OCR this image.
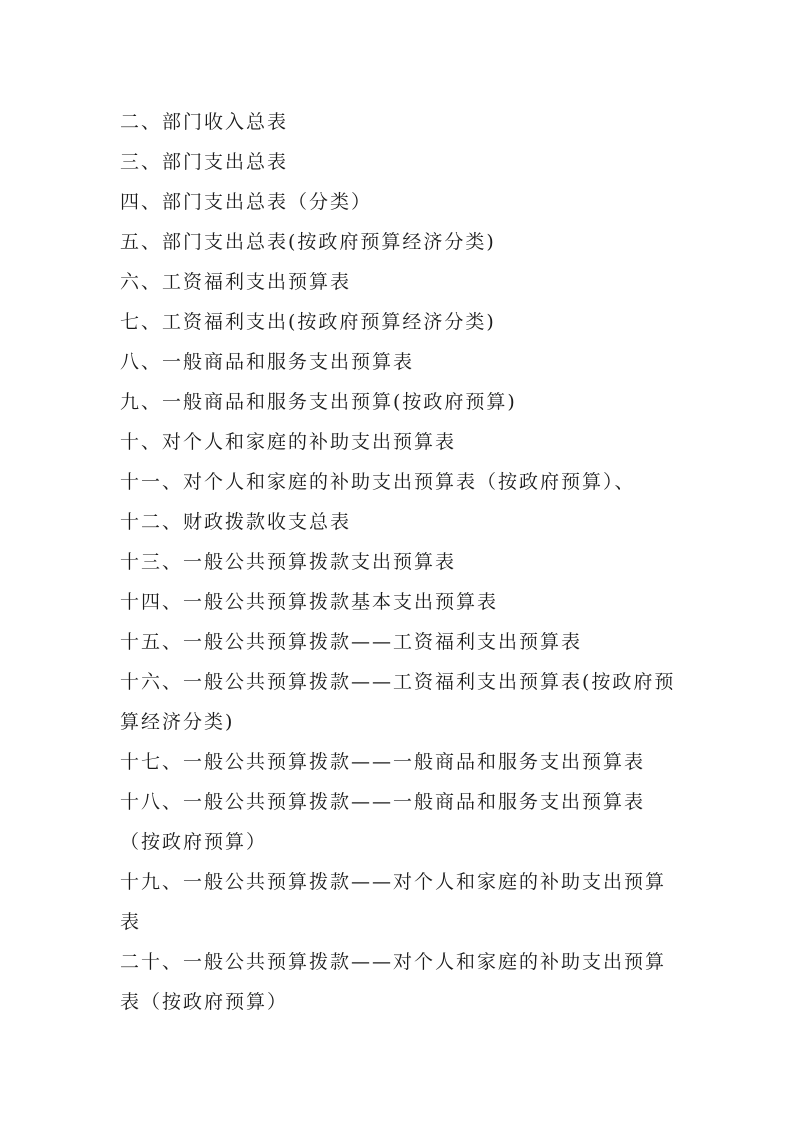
二、部门收入总表
三、部门支出总表
四、部门支出总表（分类）
五、部门支出总表(按政府预算经济分类)
六、工资福利支出预算表
七、工资福利支出(按政府预算经济分类)
八、一般商品和服务支出预算表
九、一般商品和服务支出预算(按政府预算)
十、对个人和家庭的补助支出预算表
十一、对个人和家庭的补助支出预算表（按政府预算）、
十二、财政拨款收支总表
十三、一般公共预算拨款支出预算表
十四、一般公共预算拨款基本支出预算表
十五、一般公共预算拨款——工资福利支出预算表
十六、一般公共预算拨款——工资福利支出预算表(按政府预
算经济分类)
十七、一般公共预算拨款——一般商品和服务支出预算表
十八、一般公共预算拨款——一般商品和服务支出预算表
（按政府预算）
十九、一般公共预算拨款——对个人和家庭的补助支出预算
表
二十、一般公共预算拨款——对个人和家庭的补助支出预算
表（按政府预算）
